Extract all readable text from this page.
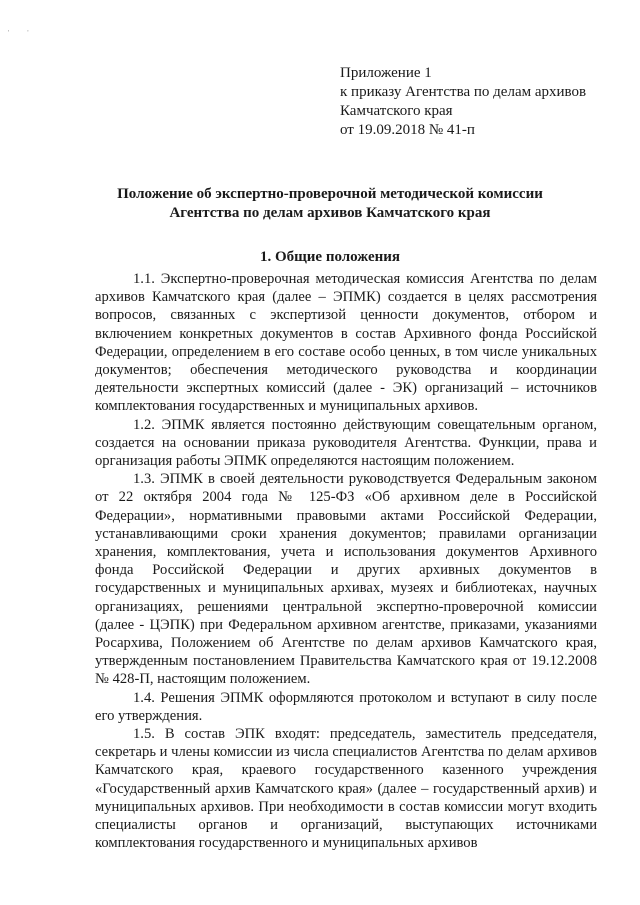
' '
Приложение 1
к приказу Агентства по делам архивов
Камчатского края
от 19.09.2018 № 41-п
Положение об экспертно-проверочной методической комиссии
Агентства по делам архивов Камчатского края
1. Общие положения

1.1. Экспертно-проверочная методическая комиссия Агентства по делам архивов Камчатского края (далее – ЭПМК) создается в целях рассмотрения вопросов, связанных с экспертизой ценности документов, отбором и включением конкретных документов в состав Архивного фонда Российской Федерации, определением в его составе особо ценных, в том числе уникальных документов; обеспечения методического руководства и координации деятельности экспертных комиссий (далее - ЭК) организаций – источников комплектования государственных и муниципальных архивов.

1.2. ЭПМК является постоянно действующим совещательным органом, создается на основании приказа руководителя Агентства. Функции, права и организация работы ЭПМК определяются настоящим положением.

1.3. ЭПМК в своей деятельности руководствуется Федеральным законом от 22 октября 2004 года № 125-ФЗ «Об архивном деле в Российской Федерации», нормативными правовыми актами Российской Федерации, устанавливающими сроки хранения документов; правилами организации хранения, комплектования, учета и использования документов Архивного фонда Российской Федерации и других архивных документов в государственных и муниципальных архивах, музеях и библиотеках, научных организациях, решениями центральной экспертно-проверочной комиссии (далее - ЦЭПК) при Федеральном архивном агентстве, приказами, указаниями Росархива, Положением об Агентстве по делам архивов Камчатского края, утвержденным постановлением Правительства Камчатского края от 19.12.2008 № 428-П, настоящим положением.

1.4. Решения ЭПМК оформляются протоколом и вступают в силу после его утверждения.

1.5. В состав ЭПК входят: председатель, заместитель председателя, секретарь и члены комиссии из числа специалистов Агентства по делам архивов Камчатского края, краевого государственного казенного учреждения «Государственный архив Камчатского края» (далее – государственный архив) и муниципальных архивов. При необходимости в состав комиссии могут входить специалисты органов и организаций, выступающих источниками комплектования государственного и муниципальных архивов
